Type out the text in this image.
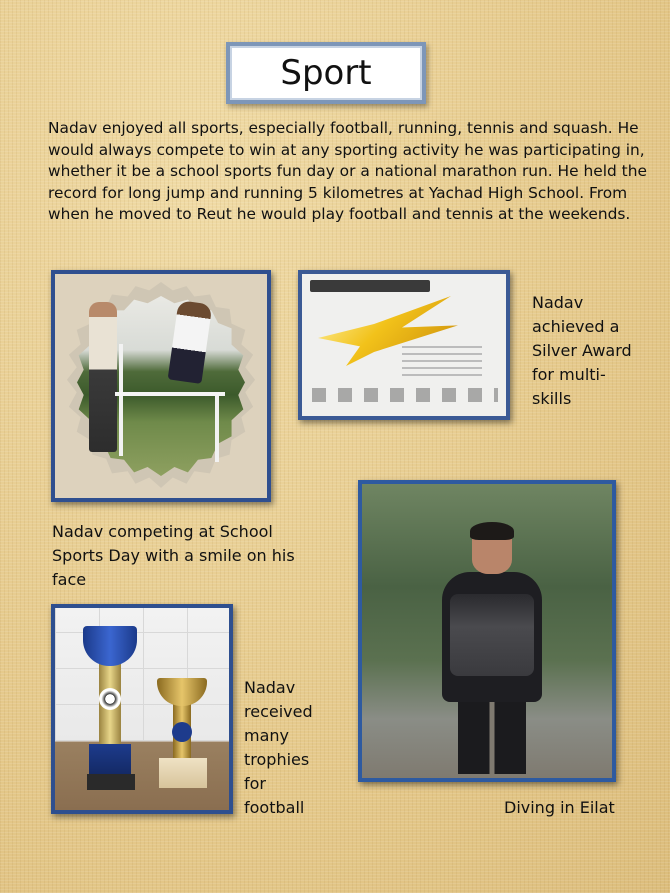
Sport

Nadav enjoyed all sports, especially football, running, tennis and squash. He would always compete to win at any sporting activity he was participating in, whether it be a school sports fun day or a national marathon run. He held the record for long jump and running 5 kilometres at Yachad High School. From when he moved to Reut he would play football and tennis at the weekends.

Nadav achieved a Silver Award for multi-skills

Nadav competing at School Sports Day with a smile on his face

Diving in Eilat

Nadav received many trophies for football
